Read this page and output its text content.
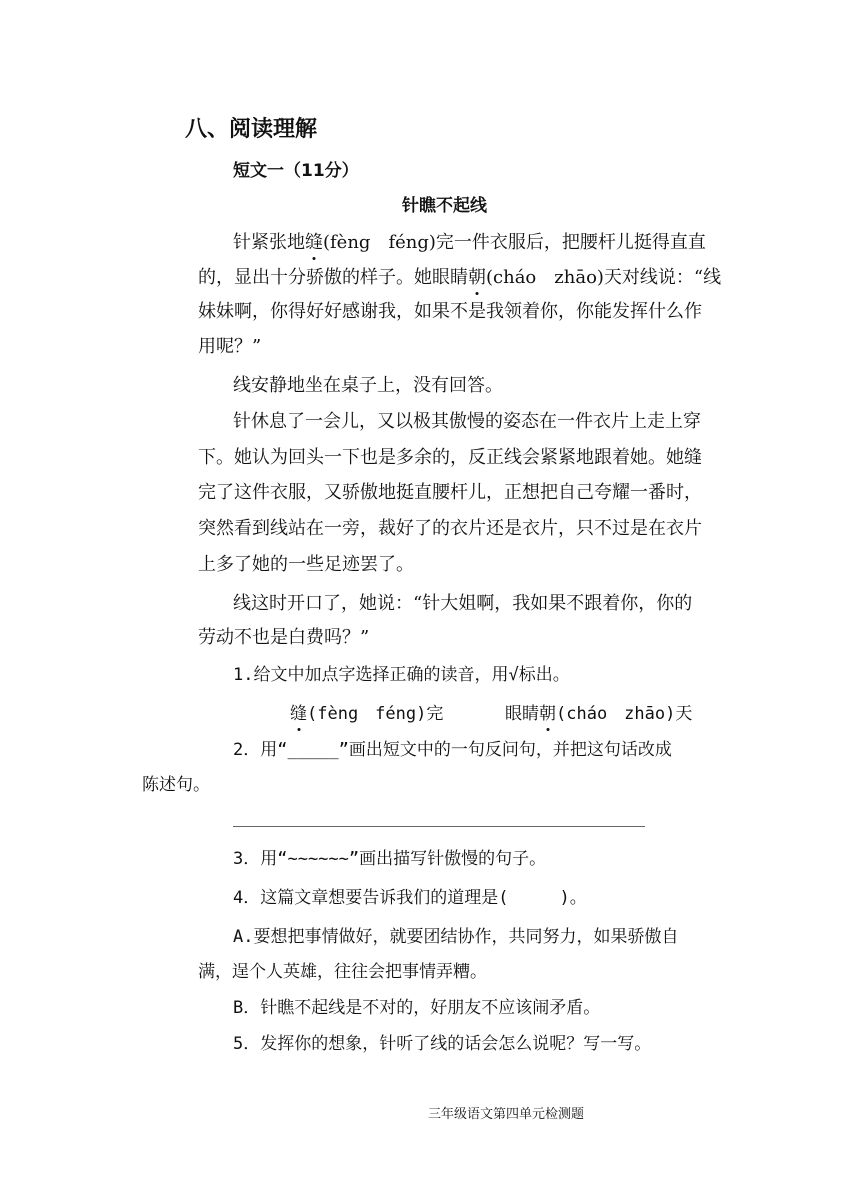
八、阅读理解
短文一（11分）
针瞧不起线
针紧张地缝(fèng　féng)完一件衣服后，把腰杆儿挺得直直
的，显出十分骄傲的样子。她眼睛朝(cháo　zhāo)天对线说：“线
妹妹啊，你得好好感谢我，如果不是我领着你，你能发挥什么作
用呢？”
线安静地坐在桌子上，没有回答。
针休息了一会儿，又以极其傲慢的姿态在一件衣片上走上穿
下。她认为回头一下也是多余的，反正线会紧紧地跟着她。她缝
完了这件衣服，又骄傲地挺直腰杆儿，正想把自己夸耀一番时，
突然看到线站在一旁，裁好了的衣片还是衣片，只不过是在衣片
上多了她的一些足迹罢了。
线这时开口了，她说：“针大姐啊，我如果不跟着你，你的
劳动不也是白费吗？”
1.给文中加点字选择正确的读音，用√标出。
缝(fèng　féng)完	眼睛朝(cháo　zhāo)天
2．用“_____”画出短文中的一句反问句，并把这句话改成
陈述句。
3．用“~~~~~~”画出描写针傲慢的句子。
4．这篇文章想要告诉我们的道理是(　　　)。
A.要想把事情做好，就要团结协作，共同努力，如果骄傲自
满，逞个人英雄，往往会把事情弄糟。
B．针瞧不起线是不对的，好朋友不应该闹矛盾。
5．发挥你的想象，针听了线的话会怎么说呢？写一写。
三年级语文第四单元检测题
